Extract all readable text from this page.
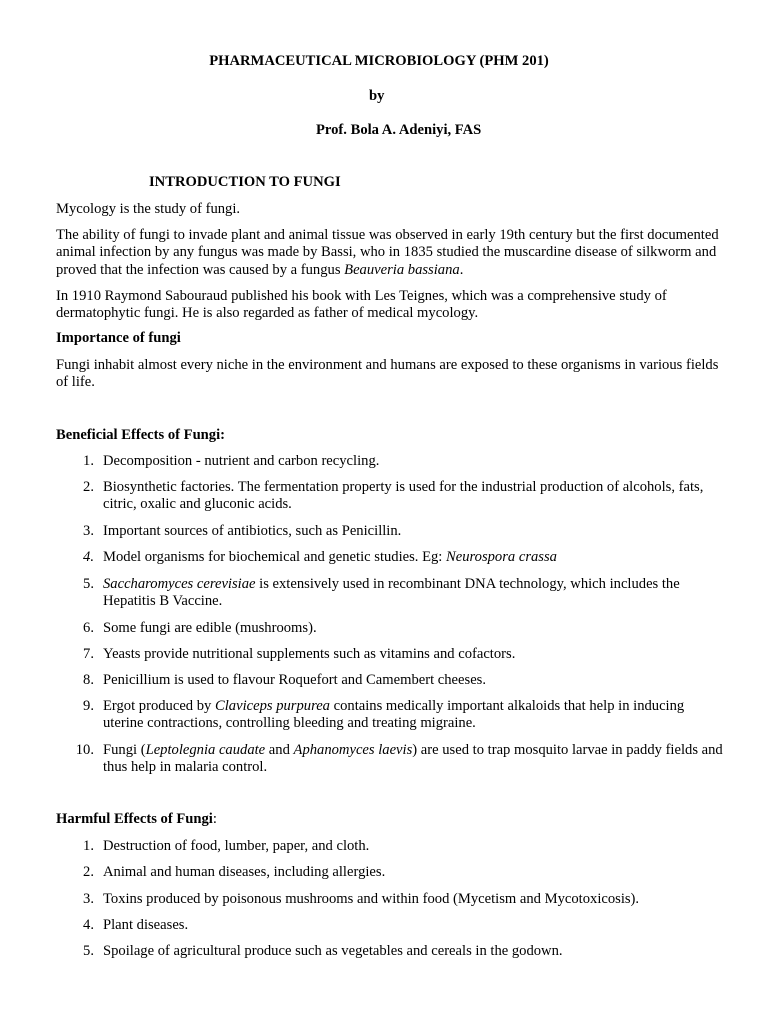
PHARMACEUTICAL MICROBIOLOGY (PHM 201)

by

Prof. Bola A. Adeniyi, FAS

INTRODUCTION TO FUNGI

Mycology is the study of fungi.

The ability of fungi to invade plant and animal tissue was observed in early 19th century but the first documented animal infection by any fungus was made by Bassi, who in 1835 studied the muscardine disease of silkworm and proved that the infection was caused by a fungus Beauveria bassiana.

In 1910 Raymond Sabouraud published his book with Les Teignes, which was a comprehensive study of dermatophytic fungi. He is also regarded as father of medical mycology.

Importance of fungi

Fungi inhabit almost every niche in the environment and humans are exposed to these organisms in various fields of life.

Beneficial Effects of Fungi:

1. Decomposition - nutrient and carbon recycling.
2. Biosynthetic factories. The fermentation property is used for the industrial production of alcohols, fats, citric, oxalic and gluconic acids.
3. Important sources of antibiotics, such as Penicillin.
4. Model organisms for biochemical and genetic studies. Eg: Neurospora crassa
5. Saccharomyces cerevisiae is extensively used in recombinant DNA technology, which includes the Hepatitis B Vaccine.
6. Some fungi are edible (mushrooms).
7. Yeasts provide nutritional supplements such as vitamins and cofactors.
8. Penicillium is used to flavour Roquefort and Camembert cheeses.
9. Ergot produced by Claviceps purpurea contains medically important alkaloids that help in inducing uterine contractions, controlling bleeding and treating migraine.
10. Fungi (Leptolegnia caudate and Aphanomyces laevis) are used to trap mosquito larvae in paddy fields and thus help in malaria control.

Harmful Effects of Fungi:

1. Destruction of food, lumber, paper, and cloth.
2. Animal and human diseases, including allergies.
3. Toxins produced by poisonous mushrooms and within food (Mycetism and Mycotoxicosis).
4. Plant diseases.
5. Spoilage of agricultural produce such as vegetables and cereals in the godown.
